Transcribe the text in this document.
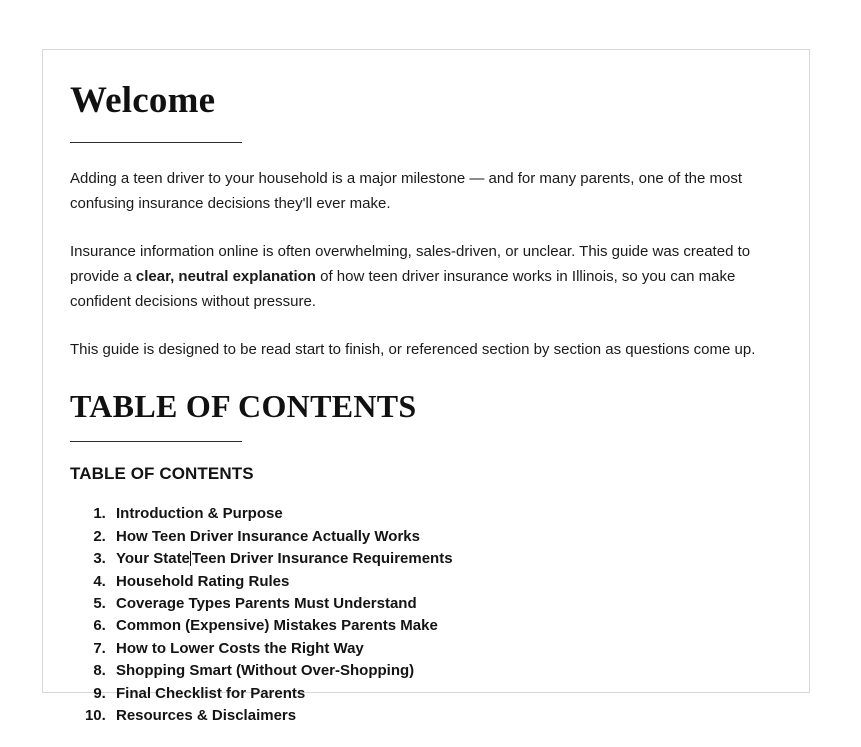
Welcome

Adding a teen driver to your household is a major milestone — and for many parents, one of the most confusing insurance decisions they'll ever make.

Insurance information online is often overwhelming, sales-driven, or unclear. This guide was created to provide a clear, neutral explanation of how teen driver insurance works in Illinois, so you can make confident decisions without pressure.

This guide is designed to be read start to finish, or referenced section by section as questions come up.

TABLE OF CONTENTS
TABLE OF CONTENTS
1. Introduction & Purpose
2. How Teen Driver Insurance Actually Works
3. Your State Teen Driver Insurance Requirements
4. Household Rating Rules
5. Coverage Types Parents Must Understand
6. Common (Expensive) Mistakes Parents Make
7. How to Lower Costs the Right Way
8. Shopping Smart (Without Over-Shopping)
9. Final Checklist for Parents
10. Resources & Disclaimers
